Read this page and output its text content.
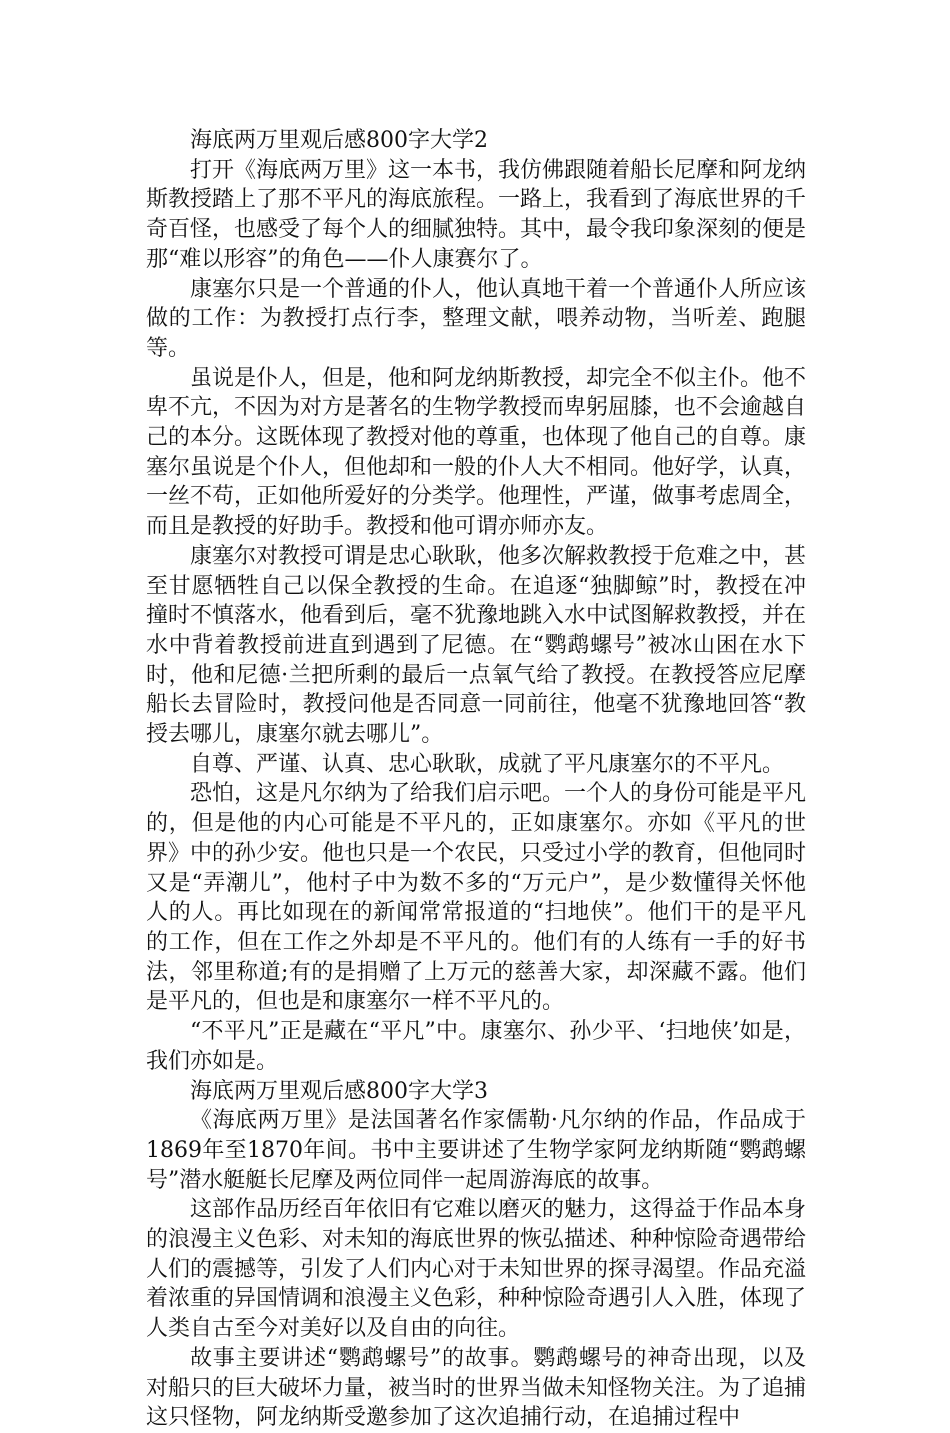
海底两万里观后感800字大学2

打开《海底两万里》这一本书，我仿佛跟随着船长尼摩和阿龙纳斯教授踏上了那不平凡的海底旅程。一路上，我看到了海底世界的千奇百怪，也感受了每个人的细腻独特。其中，最令我印象深刻的便是那“难以形容”的角色——仆人康赛尔了。

康塞尔只是一个普通的仆人，他认真地干着一个普通仆人所应该做的工作：为教授打点行李，整理文献，喂养动物，当听差、跑腿等。

虽说是仆人，但是，他和阿龙纳斯教授，却完全不似主仆。他不卑不亢，不因为对方是著名的生物学教授而卑躬屈膝，也不会逾越自己的本分。这既体现了教授对他的尊重，也体现了他自己的自尊。康塞尔虽说是个仆人，但他却和一般的仆人大不相同。他好学，认真，一丝不苟，正如他所爱好的分类学。他理性，严谨，做事考虑周全，而且是教授的好助手。教授和他可谓亦师亦友。

康塞尔对教授可谓是忠心耿耿，他多次解救教授于危难之中，甚至甘愿牺牲自己以保全教授的生命。在追逐“独脚鲸”时，教授在冲撞时不慎落水，他看到后，毫不犹豫地跳入水中试图解救教授，并在水中背着教授前进直到遇到了尼德。在“鹦鹉螺号”被冰山困在水下时，他和尼德·兰把所剩的最后一点氧气给了教授。在教授答应尼摩船长去冒险时，教授问他是否同意一同前往，他毫不犹豫地回答“教授去哪儿，康塞尔就去哪儿”。

自尊、严谨、认真、忠心耿耿，成就了平凡康塞尔的不平凡。

恐怕，这是凡尔纳为了给我们启示吧。一个人的身份可能是平凡的，但是他的内心可能是不平凡的，正如康塞尔。亦如《平凡的世界》中的孙少安。他也只是一个农民，只受过小学的教育，但他同时又是“弄潮儿”，他村子中为数不多的“万元户”，是少数懂得关怀他人的人。再比如现在的新闻常常报道的“扫地侠”。他们干的是平凡的工作，但在工作之外却是不平凡的。他们有的人练有一手的好书法，邻里称道;有的是捐赠了上万元的慈善大家，却深藏不露。他们是平凡的，但也是和康塞尔一样不平凡的。

“不平凡”正是藏在“平凡”中。康塞尔、孙少平、‘扫地侠’如是，我们亦如是。

海底两万里观后感800字大学3

《海底两万里》是法国著名作家儒勒·凡尔纳的作品，作品成于1869年至1870年间。书中主要讲述了生物学家阿龙纳斯随“鹦鹉螺号”潜水艇艇长尼摩及两位同伴一起周游海底的故事。

这部作品历经百年依旧有它难以磨灭的魅力，这得益于作品本身的浪漫主义色彩、对未知的海底世界的恢弘描述、种种惊险奇遇带给人们的震撼等，引发了人们内心对于未知世界的探寻渴望。作品充溢着浓重的异国情调和浪漫主义色彩，种种惊险奇遇引人入胜，体现了人类自古至今对美好以及自由的向往。

故事主要讲述“鹦鹉螺号”的故事。鹦鹉螺号的神奇出现，以及对船只的巨大破坏力量，被当时的世界当做未知怪物关注。为了追捕这只怪物，阿龙纳斯受邀参加了这次追捕行动，在追捕过程中
